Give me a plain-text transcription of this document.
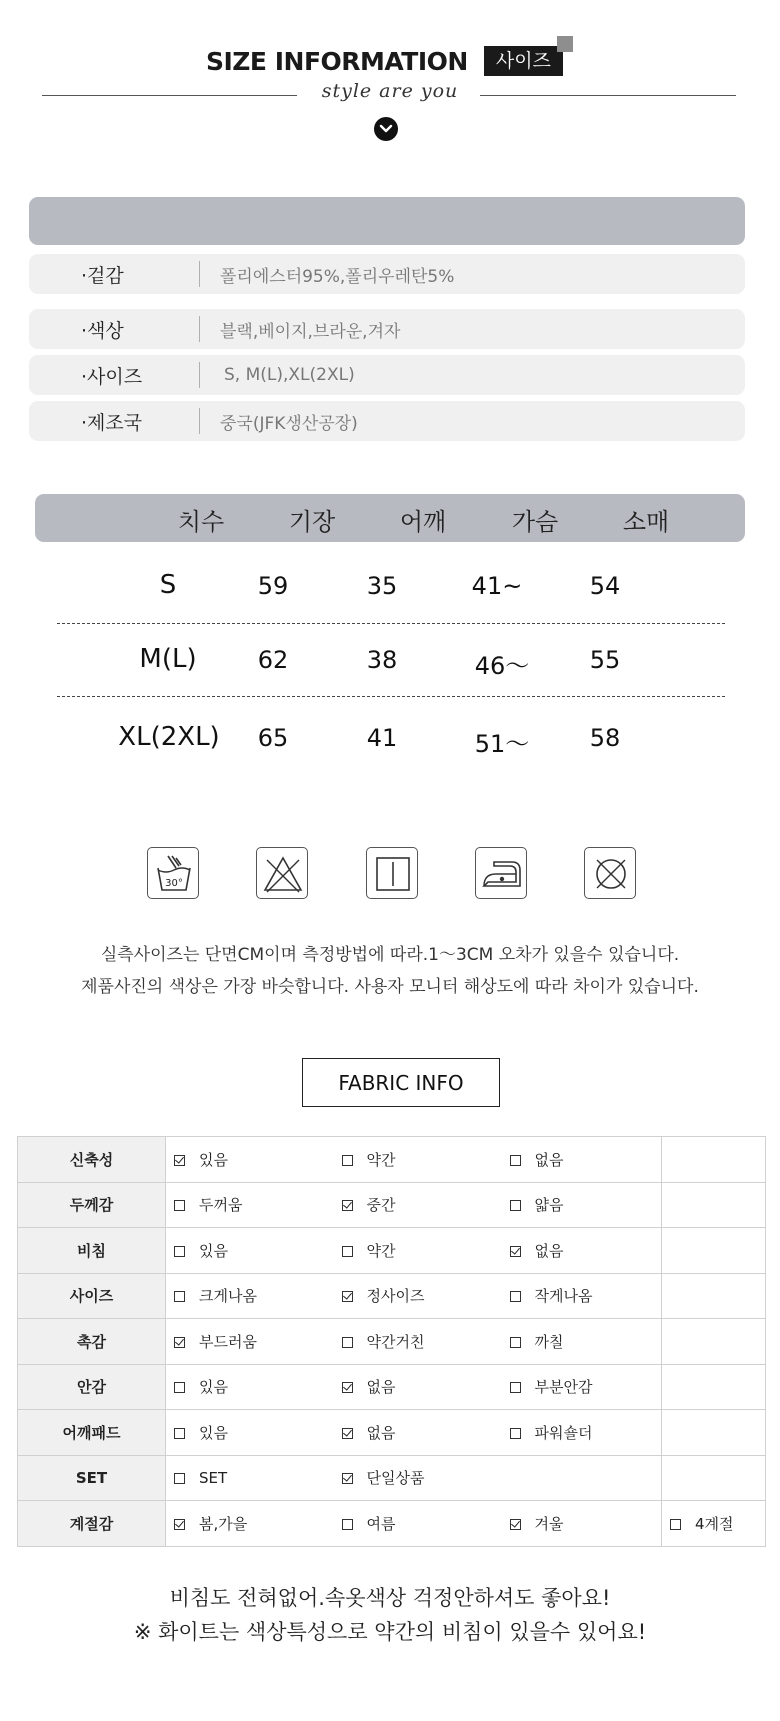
SIZE INFORMATION	사이즈
style are you
·겉감	폴리에스터95%,폴리우레탄5%
·색상	블랙,베이지,브라운,겨자
·사이즈	S, M(L),XL(2XL)
·제조국	중국(JFK생산공장)
치수	기장	어깨	가슴	소매
S	59	35	41~	54
M(L)	62	38	46～	55
XL(2XL)	65	41	51～	58
30°
실측사이즈는 단면CM이며 측정방법에 따라.1～3CM 오차가 있을수 있습니다.
제품사진의 색상은 가장 바슷합니다. 사용자 모니터 해상도에 따라 차이가 있습니다.
FABRIC INFO
신축성	있음	약간	없음	
두께감	두꺼움	중간	얇음	
비침	있음	약간	없음	
사이즈	크게나옴	정사이즈	작게나옴	
촉감	부드러움	약간거친	까칠	
안감	있음	없음	부분안감	
어깨패드	있음	없음	파워숄더	
SET	SET	단일상품		
계절감	봄,가을	여름	겨울	4계절
비침도 전혀없어.속옷색상 걱정안하셔도 좋아요!
※ 화이트는 색상특성으로 약간의 비침이 있을수 있어요!
